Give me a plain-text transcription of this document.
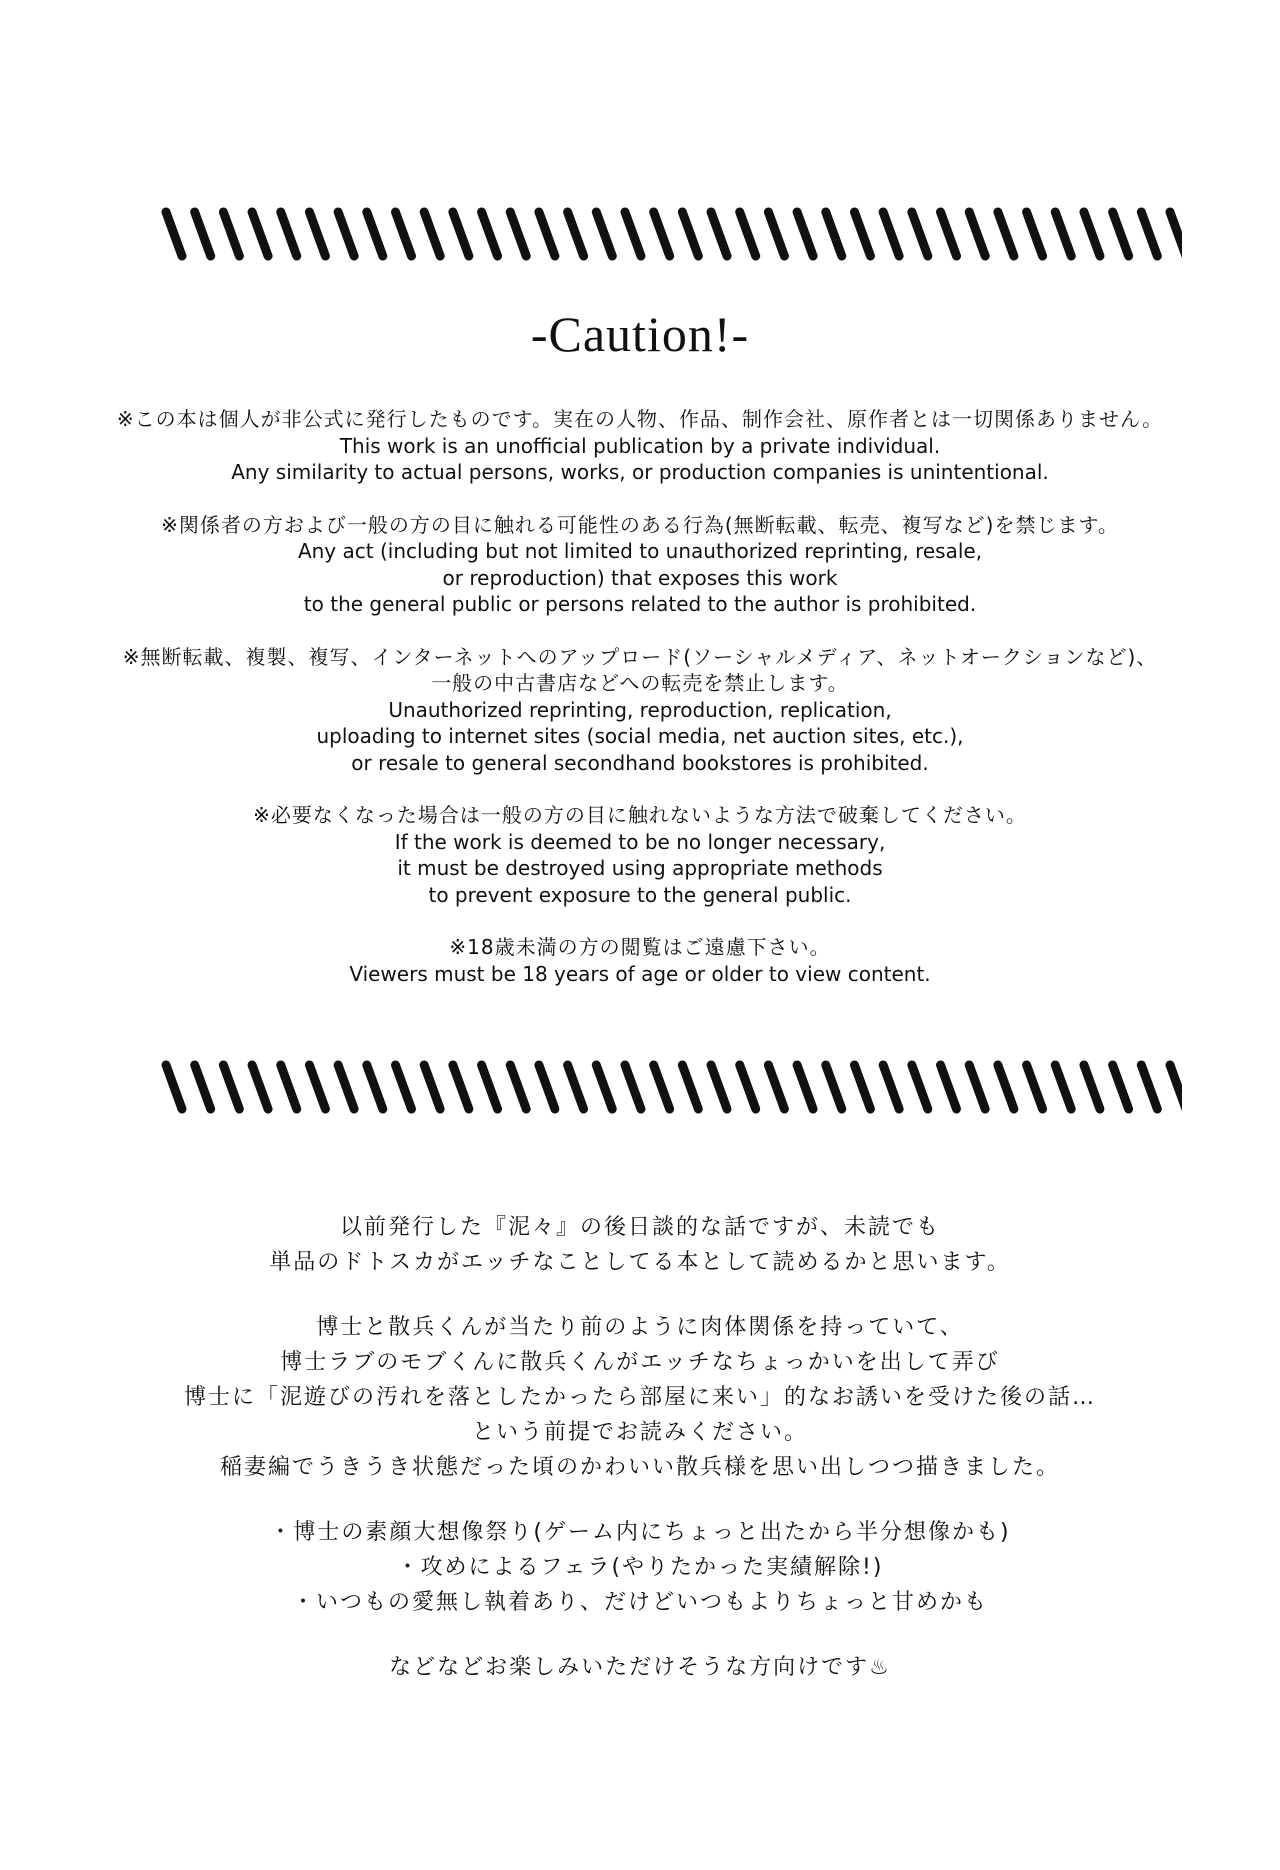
-Caution!-
※この本は個人が非公式に発行したものです。実在の人物、作品、制作会社、原作者とは一切関係ありません。
This work is an unofficial publication by a private individual.
Any similarity to actual persons, works, or production companies is unintentional.
※関係者の方および一般の方の目に触れる可能性のある行為(無断転載、転売、複写など)を禁じます。
Any act (including but not limited to unauthorized reprinting, resale,
or reproduction) that exposes this work
to the general public or persons related to the author is prohibited.
※無断転載、複製、複写、インターネットへのアップロード(ソーシャルメディア、ネットオークションなど)、
一般の中古書店などへの転売を禁止します。
Unauthorized reprinting, reproduction, replication,
uploading to internet sites (social media, net auction sites, etc.),
or resale to general secondhand bookstores is prohibited.
※必要なくなった場合は一般の方の目に触れないような方法で破棄してください。
If the work is deemed to be no longer necessary,
it must be destroyed using appropriate methods
to prevent exposure to the general public.
※18歳未満の方の閲覧はご遠慮下さい。
Viewers must be 18 years of age or older to view content.
以前発行した『泥々』の後日談的な話ですが、未読でも
単品のドトスカがエッチなことしてる本として読めるかと思います。
博士と散兵くんが当たり前のように肉体関係を持っていて、
博士ラブのモブくんに散兵くんがエッチなちょっかいを出して弄び
博士に「泥遊びの汚れを落としたかったら部屋に来い」的なお誘いを受けた後の話…
という前提でお読みください。
稲妻編でうきうき状態だった頃のかわいい散兵様を思い出しつつ描きました。
・博士の素顔大想像祭り(ゲーム内にちょっと出たから半分想像かも)
・攻めによるフェラ(やりたかった実績解除!)
・いつもの愛無し執着あり、だけどいつもよりちょっと甘めかも
などなどお楽しみいただけそうな方向けです♨
